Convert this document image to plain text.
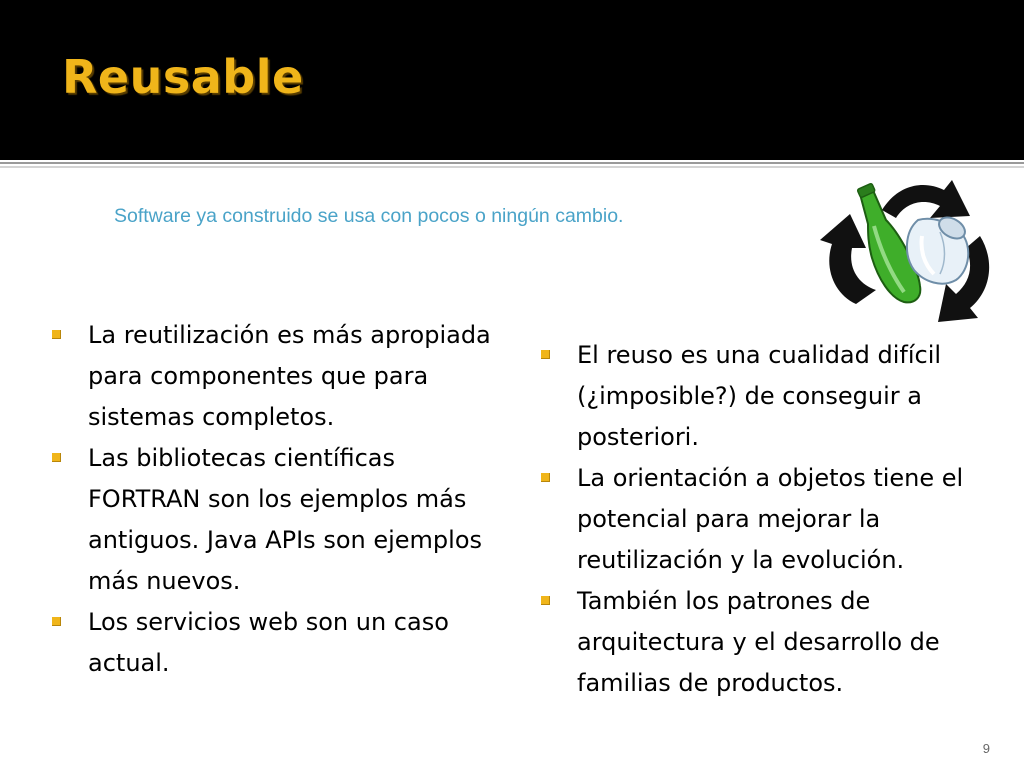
Reusable
Software ya construido se usa con pocos o ningún cambio.
La reutilización es más apropiada para componentes que para sistemas completos.
Las bibliotecas científicas FORTRAN son los ejemplos más antiguos. Java APIs son ejemplos más nuevos.
Los servicios web son un caso actual.
El reuso es una cualidad difícil (¿imposible?) de conseguir a posteriori.
La orientación a objetos tiene el potencial para mejorar la reutilización y la evolución.
También los patrones de arquitectura y el desarrollo de familias de productos.
9
